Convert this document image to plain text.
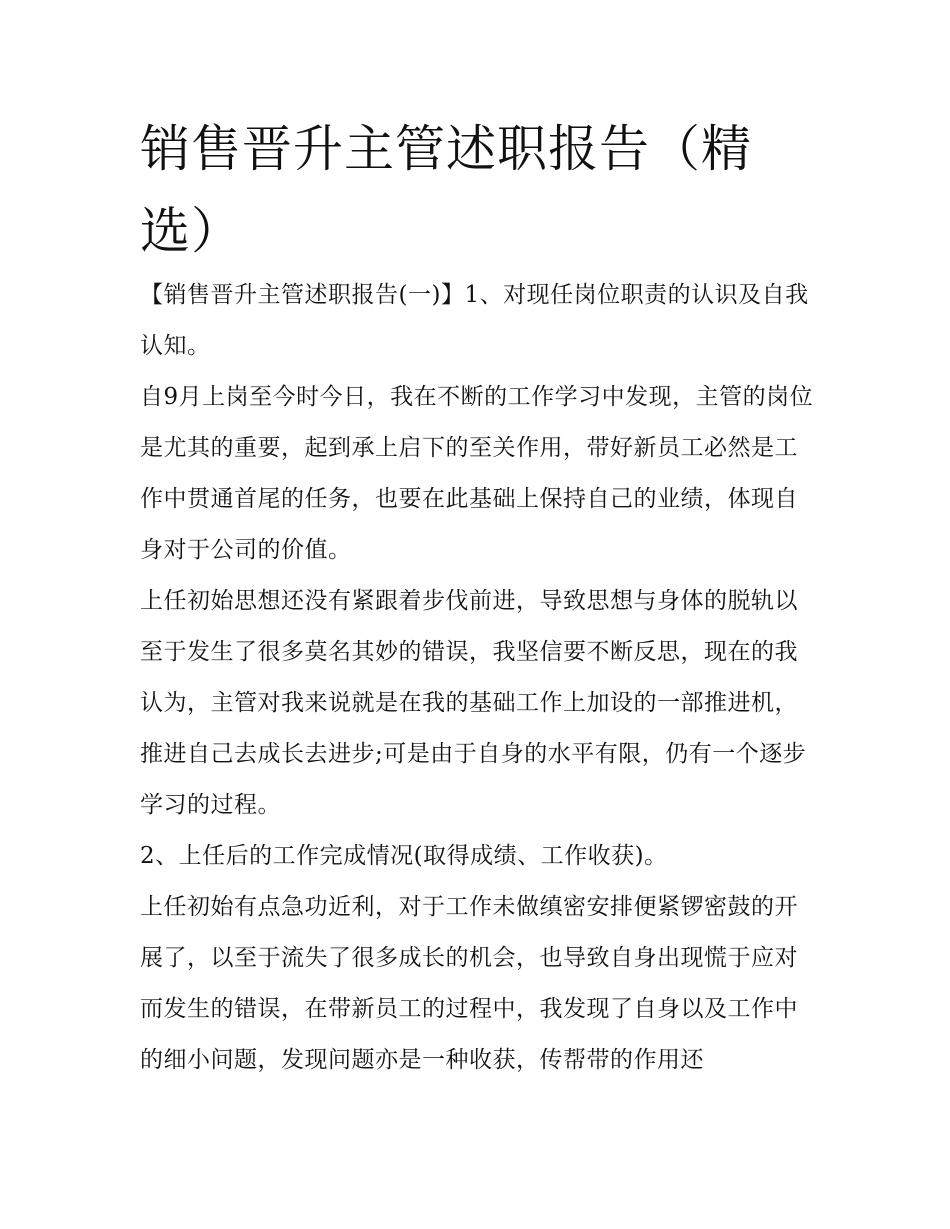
销售晋升主管述职报告（精选）

【销售晋升主管述职报告(一)】1、对现任岗位职责的认识及自我认知。

自9月上岗至今时今日，我在不断的工作学习中发现，主管的岗位是尤其的重要，起到承上启下的至关作用，带好新员工必然是工作中贯通首尾的任务，也要在此基础上保持自己的业绩，体现自身对于公司的价值。

上任初始思想还没有紧跟着步伐前进，导致思想与身体的脱轨以至于发生了很多莫名其妙的错误，我坚信要不断反思，现在的我认为，主管对我来说就是在我的基础工作上加设的一部推进机，推进自己去成长去进步;可是由于自身的水平有限，仍有一个逐步学习的过程。

2、上任后的工作完成情况(取得成绩、工作收获)。

上任初始有点急功近利，对于工作未做缜密安排便紧锣密鼓的开展了，以至于流失了很多成长的机会，也导致自身出现慌于应对而发生的错误，在带新员工的过程中，我发现了自身以及工作中的细小问题，发现问题亦是一种收获，传帮带的作用还
